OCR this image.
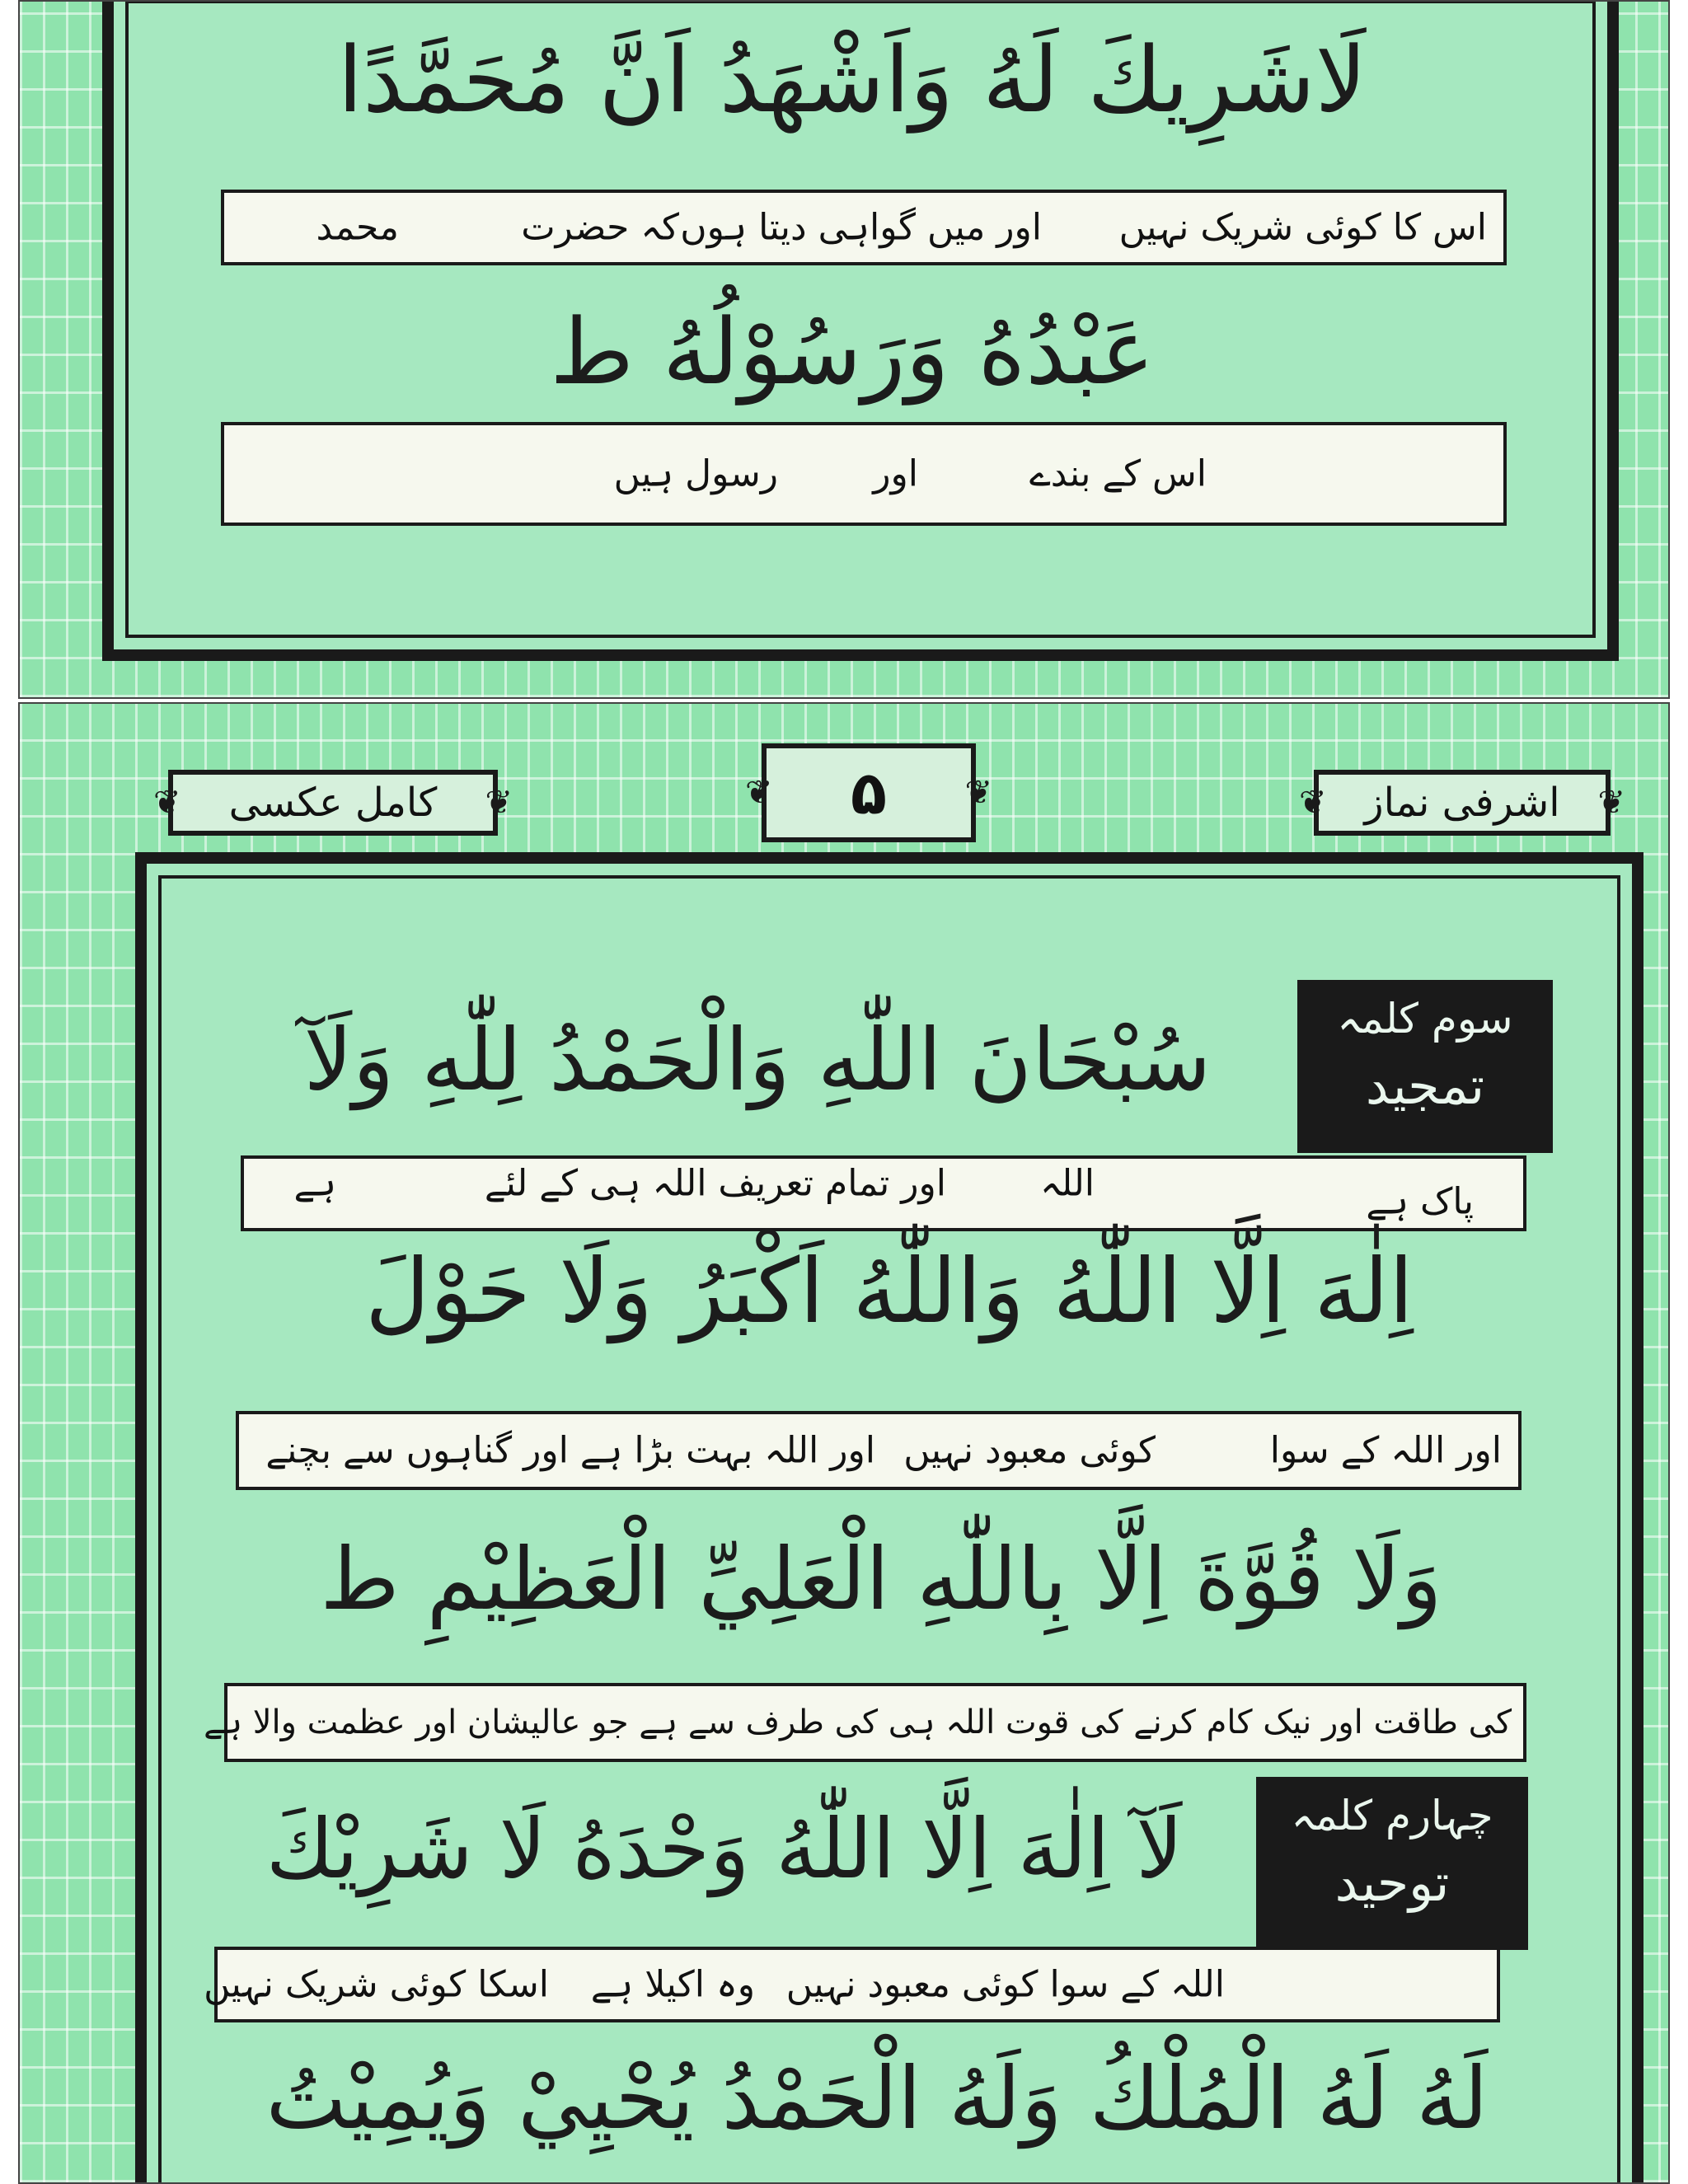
لَاشَرِيكَ لَهُ وَاَشْهَدُ اَنَّ مُحَمَّدًا
اس کا کوئی شریک نہیں
اور میں گواہی دیتا ہوں
کہ حضرت
محمد
عَبْدُهُ وَرَسُوْلُهُ ط
اس کے بندے
اور
رسول ہیں
❦ اشرفی نماز ❦
❦ ۵ ❦
❦ کامل عکسی ❦
سوم کلمہ
تمجید
سُبْحَانَ اللّٰهِ وَالْحَمْدُ لِلّٰهِ وَلَآ
پاک ہے
اللہ
اور تمام تعریف اللہ ہی کے لئے
ہے
اِلٰهَ اِلَّا اللّٰهُ وَاللّٰهُ اَكْبَرُ وَلَا حَوْلَ
اور اللہ کے سوا
کوئی معبود نہیں
اور اللہ بہت بڑا ہے اور گناہوں سے بچنے
وَلَا قُوَّةَ اِلَّا بِاللّٰهِ الْعَلِيِّ الْعَظِيْمِ ط
کی طاقت اور نیک کام کرنے کی قوت اللہ ہی کی طرف سے ہے جو عالیشان اور عظمت والا ہے
چہارم کلمہ
توحید
لَآ اِلٰهَ اِلَّا اللّٰهُ وَحْدَهُ لَا شَرِيْكَ
اللہ کے سوا کوئی معبود نہیں
وہ اکیلا ہے
اسکا کوئی شریک نہیں
لَهُ لَهُ الْمُلْكُ وَلَهُ الْحَمْدُ يُحْيِيْ وَيُمِيْتُ
